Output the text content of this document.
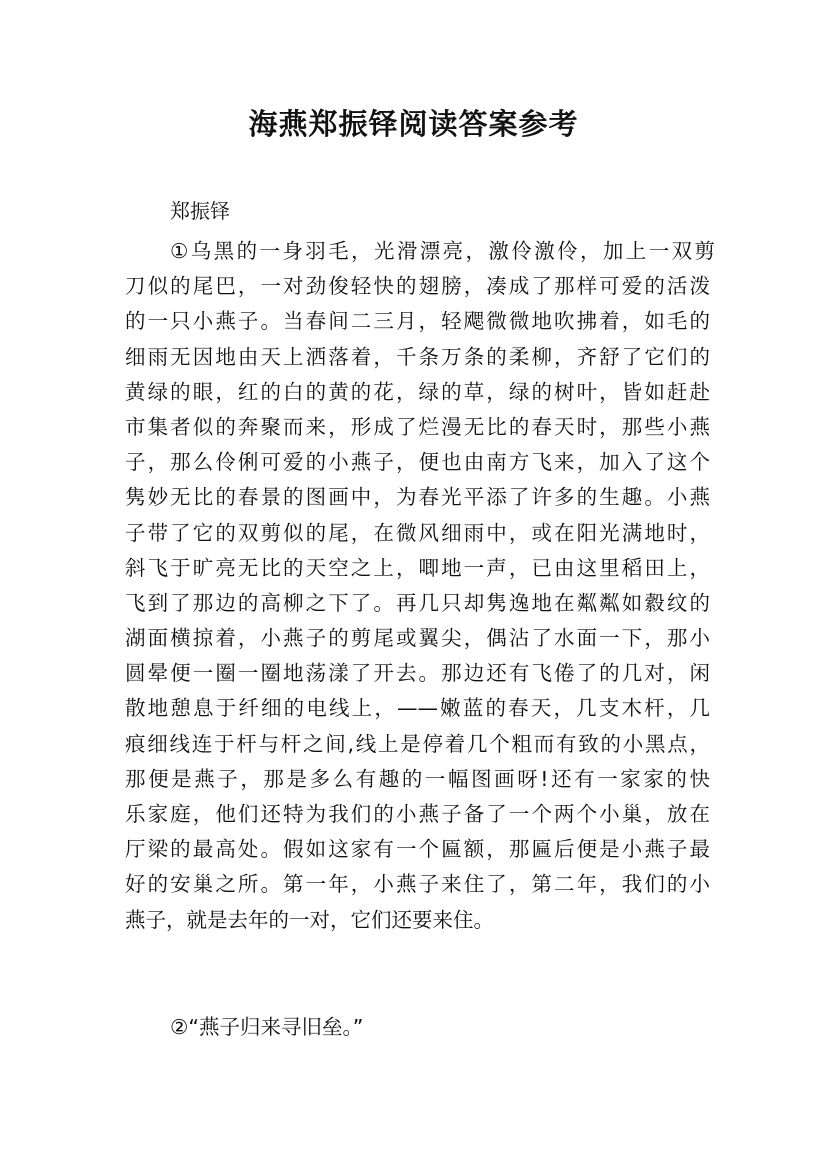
海燕郑振铎阅读答案参考

郑振铎

①乌黑的一身羽毛，光滑漂亮，激伶激伶，加上一双剪
刀似的尾巴，一对劲俊轻快的翅膀，凑成了那样可爱的活泼
的一只小燕子。当春间二三月，轻飔微微地吹拂着，如毛的
细雨无因地由天上洒落着，千条万条的柔柳，齐舒了它们的
黄绿的眼，红的白的黄的花，绿的草，绿的树叶，皆如赶赴
市集者似的奔聚而来，形成了烂漫无比的春天时，那些小燕
子，那么伶俐可爱的小燕子，便也由南方飞来，加入了这个
隽妙无比的春景的图画中，为春光平添了许多的生趣。小燕
子带了它的双剪似的尾，在微风细雨中，或在阳光满地时，
斜飞于旷亮无比的天空之上，唧地一声，已由这里稻田上，
飞到了那边的高柳之下了。再几只却隽逸地在粼粼如縠纹的
湖面横掠着，小燕子的剪尾或翼尖，偶沾了水面一下，那小
圆晕便一圈一圈地荡漾了开去。那边还有飞倦了的几对，闲
散地憩息于纤细的电线上，——嫩蓝的春天，几支木杆，几
痕细线连于杆与杆之间,线上是停着几个粗而有致的小黑点，
那便是燕子，那是多么有趣的一幅图画呀!还有一家家的快
乐家庭，他们还特为我们的小燕子备了一个两个小巢，放在
厅梁的最高处。假如这家有一个匾额，那匾后便是小燕子最
好的安巢之所。第一年，小燕子来住了，第二年，我们的小
燕子，就是去年的一对，它们还要来住。

②“燕子归来寻旧垒。”
